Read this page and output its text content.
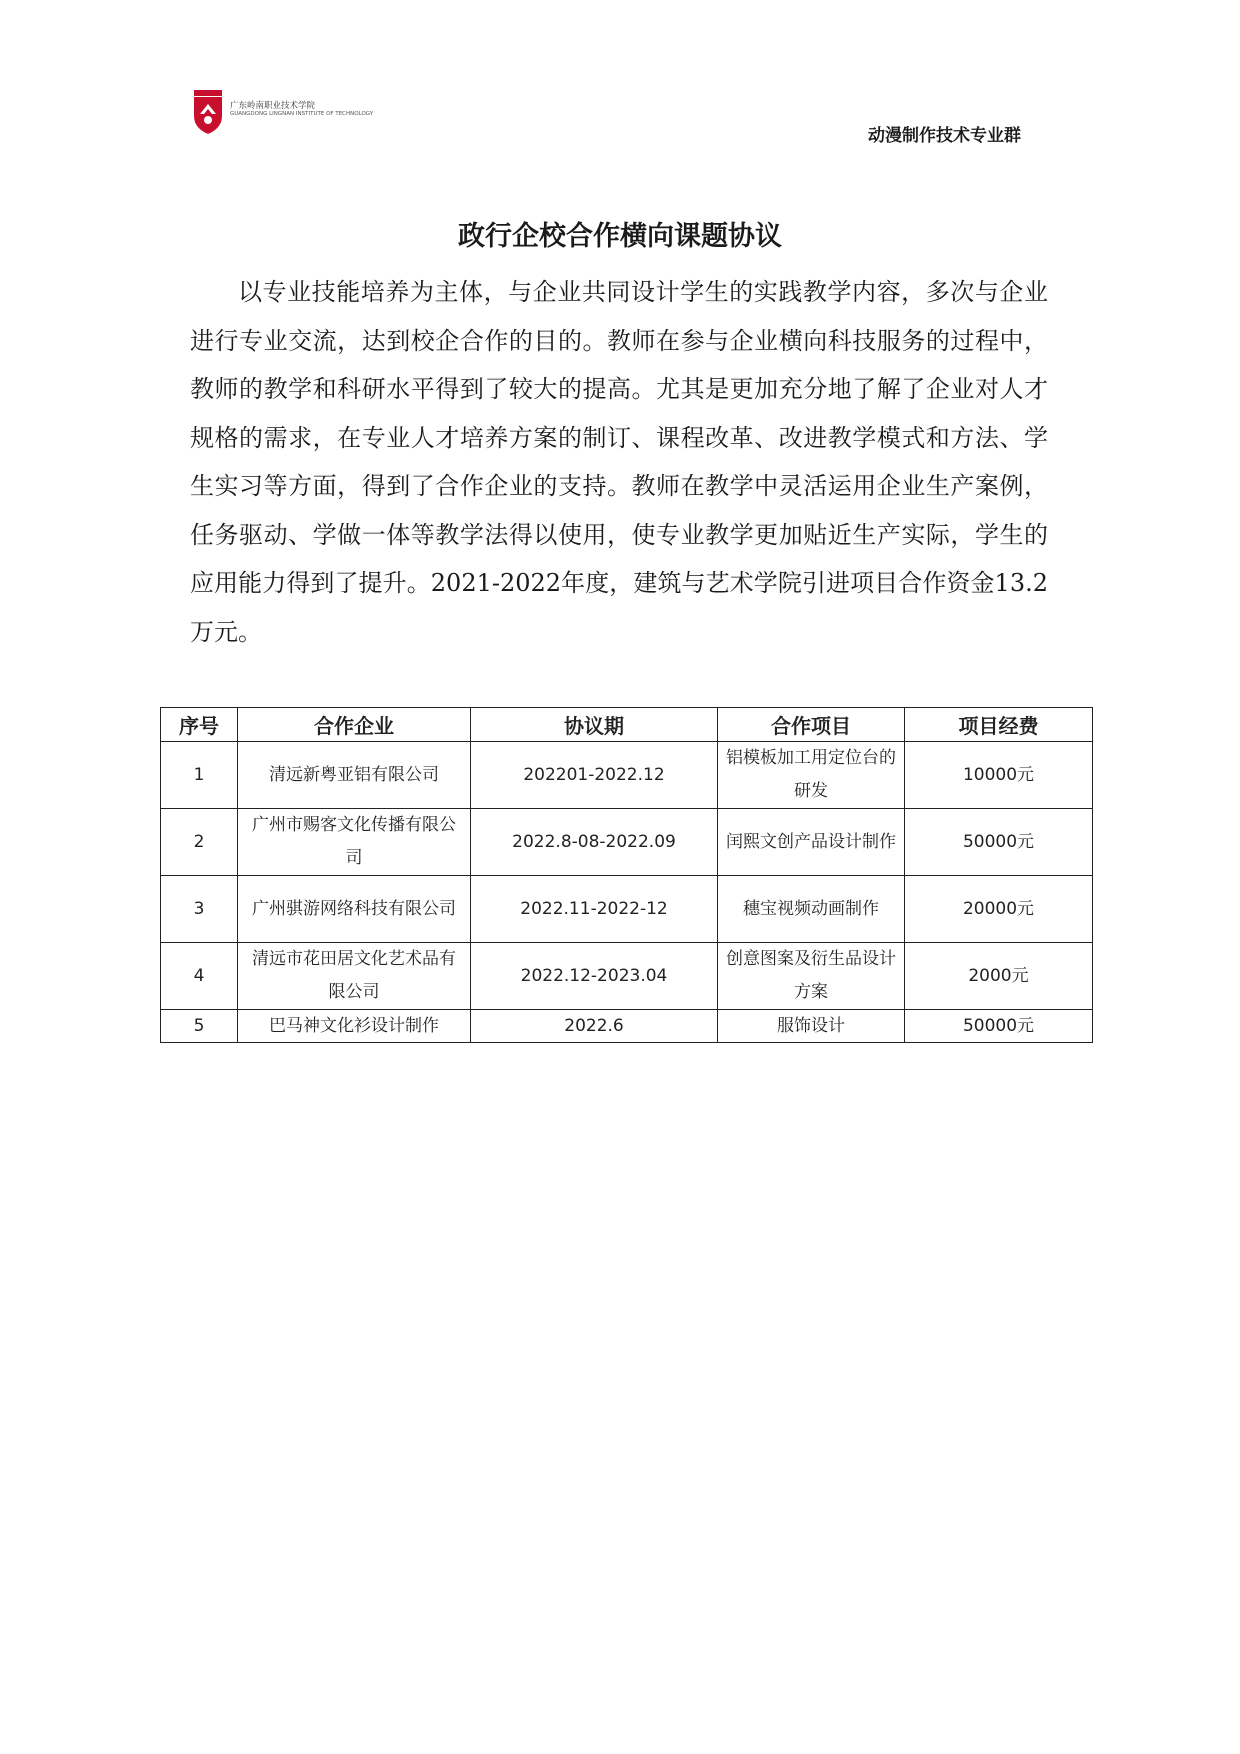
广东岭南职业技术学院
GUANGDONG LINGNAN INSTITUTE OF TECHNOLOGY
动漫制作技术专业群
政行企校合作横向课题协议
以专业技能培养为主体，与企业共同设计学生的实践教学内容，多次与企业进行专业交流，达到校企合作的目的。教师在参与企业横向科技服务的过程中，教师的教学和科研水平得到了较大的提高。尤其是更加充分地了解了企业对人才规格的需求，在专业人才培养方案的制订、课程改革、改进教学模式和方法、学生实习等方面，得到了合作企业的支持。教师在教学中灵活运用企业生产案例，任务驱动、学做一体等教学法得以使用，使专业教学更加贴近生产实际，学生的应用能力得到了提升。2021-2022年度，建筑与艺术学院引进项目合作资金13.2万元。
序号	合作企业	协议期	合作项目	项目经费
1	清远新粤亚铝有限公司	202201-2022.12	铝模板加工用定位台的研发	10000元
2	广州市赐客文化传播有限公司	2022.8-08-2022.09	闰熙文创产品设计制作	50000元
3	广州骐游网络科技有限公司	2022.11-2022-12	穗宝视频动画制作	20000元
4	清远市花田居文化艺术品有限公司	2022.12-2023.04	创意图案及衍生品设计方案	2000元
5	巴马神文化衫设计制作	2022.6	服饰设计	50000元
